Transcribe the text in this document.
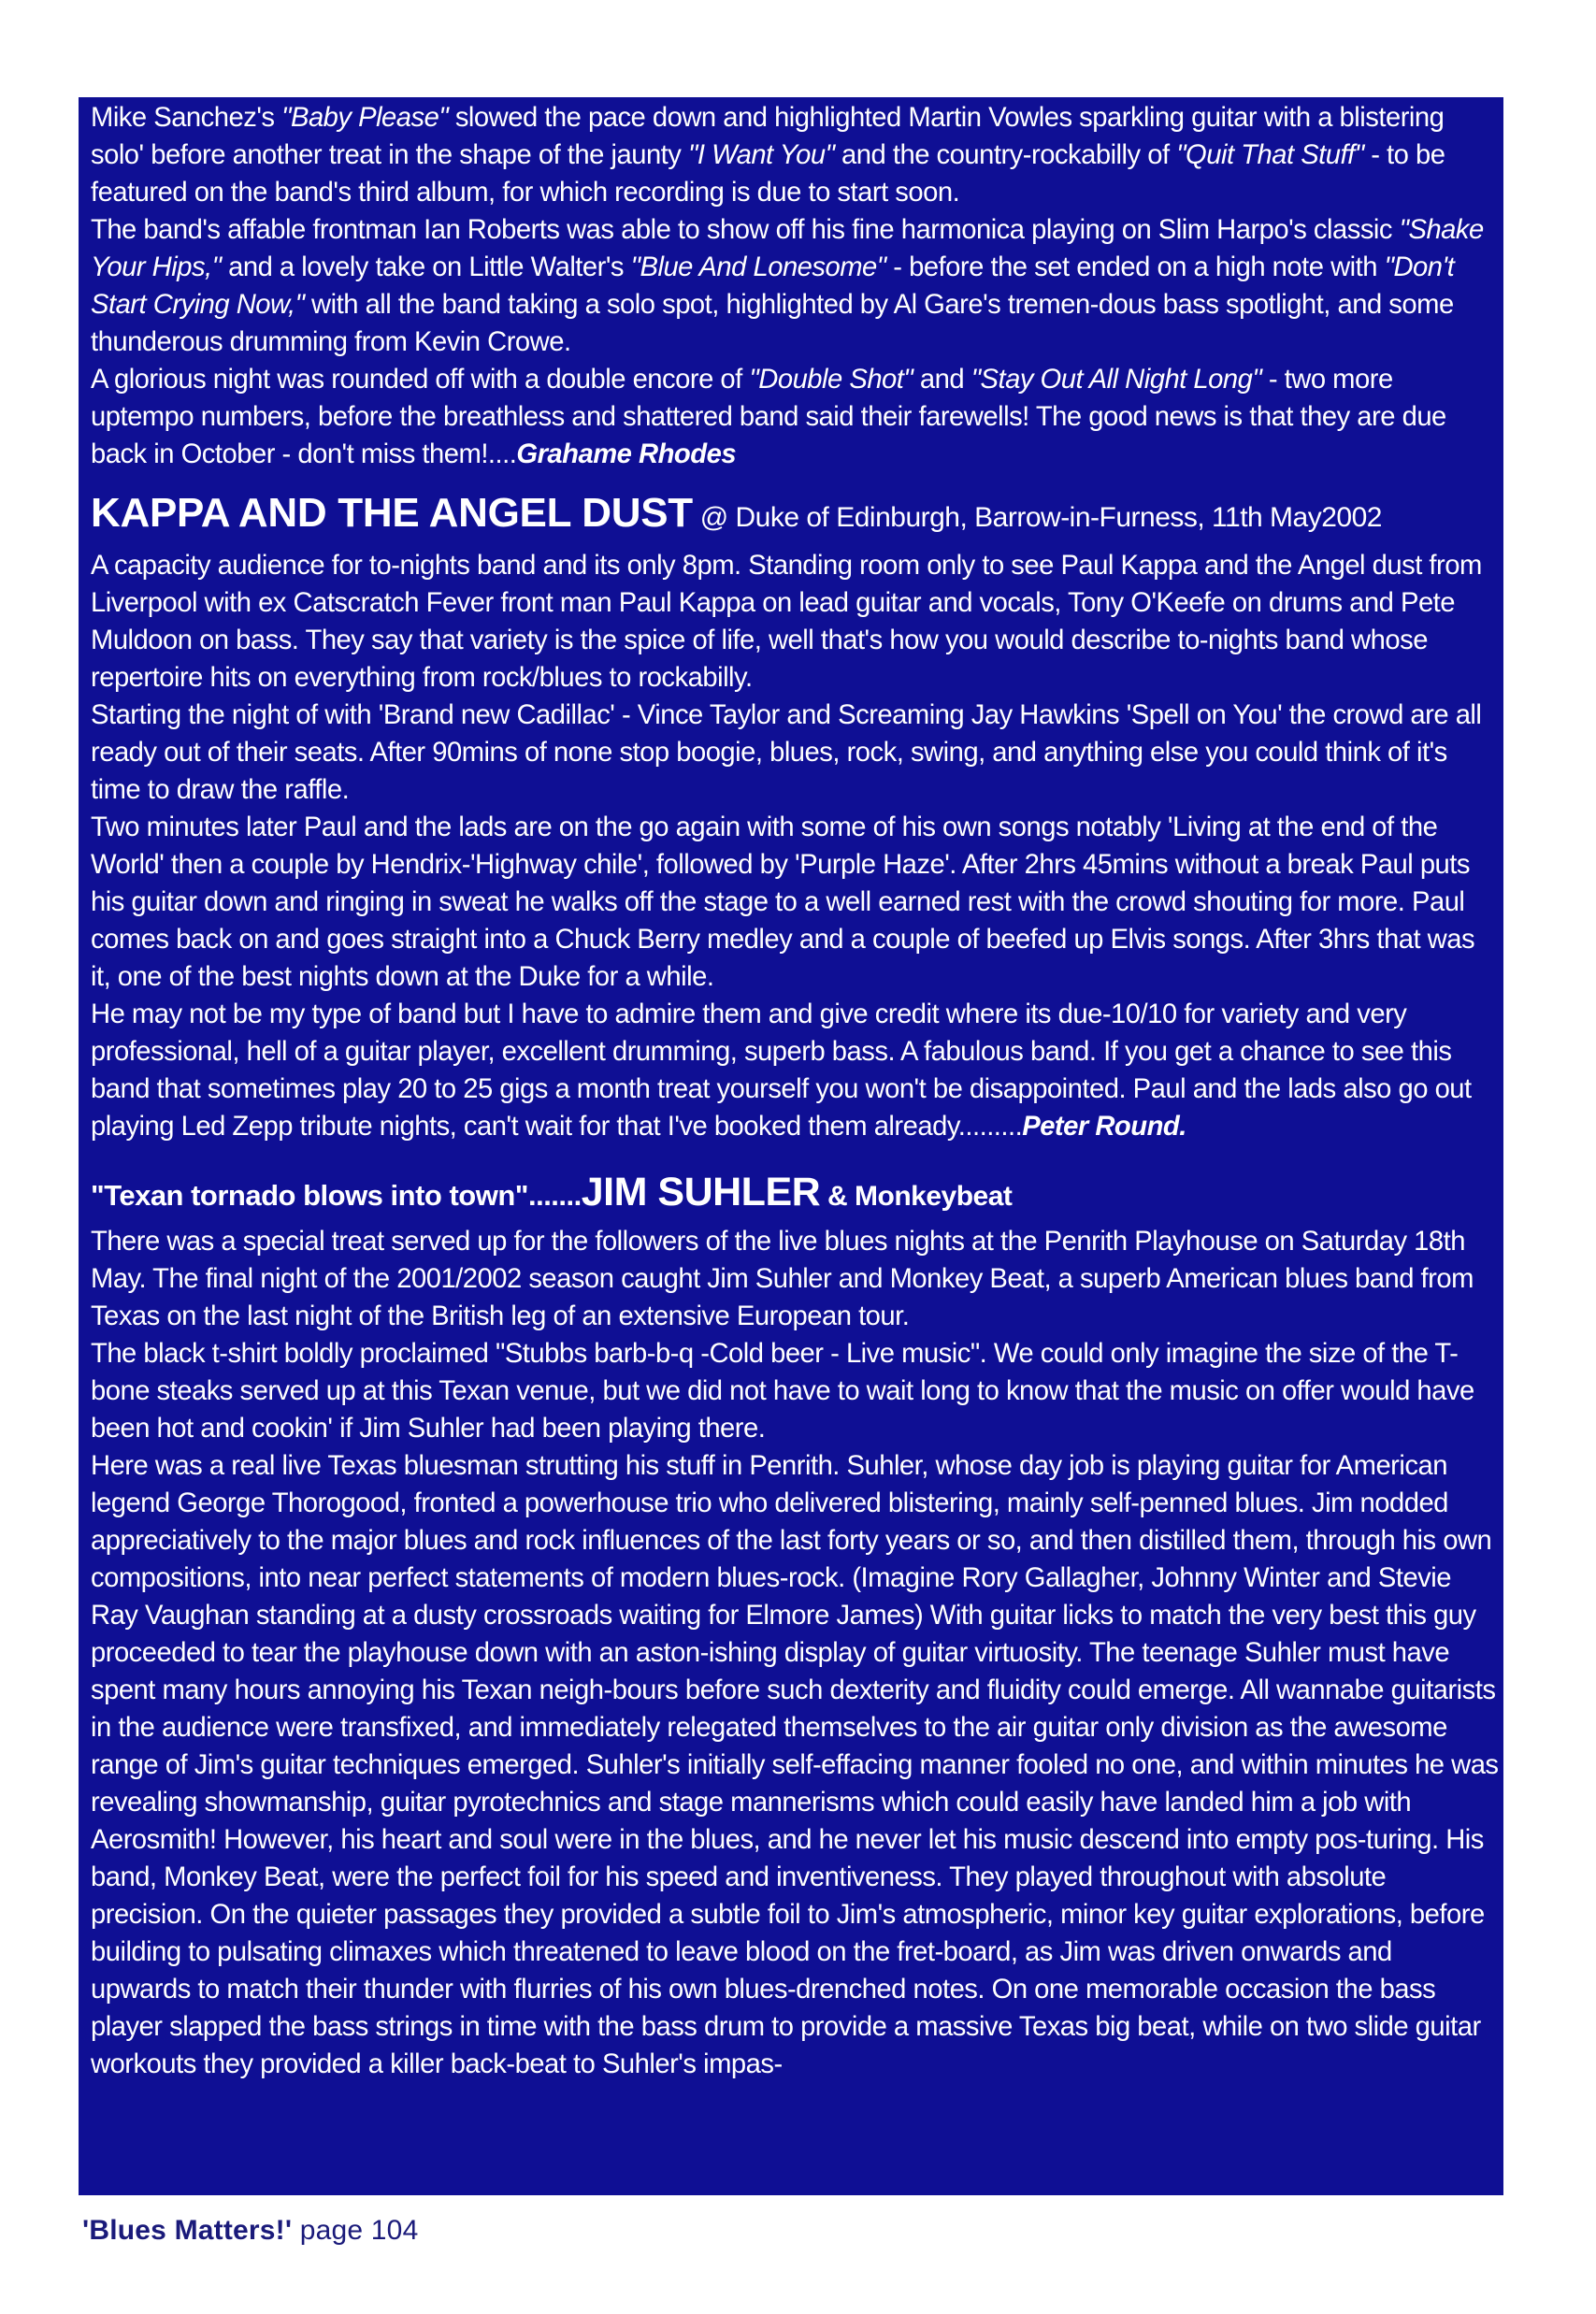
Mike Sanchez's "Baby Please" slowed the pace down and highlighted Martin Vowles sparkling guitar with a blistering solo' before another treat in the shape of the jaunty "I Want You" and the country-rockabilly of "Quit That Stuff" - to be featured on the band's third album, for which recording is due to start soon.

The band's affable frontman Ian Roberts was able to show off his fine harmonica playing on Slim Harpo's classic "Shake Your Hips," and a lovely take on Little Walter's "Blue And Lonesome" - before the set ended on a high note with "Don't Start Crying Now," with all the band taking a solo spot, highlighted by Al Gare's tremen-dous bass spotlight, and some thunderous drumming from Kevin Crowe.

A glorious night was rounded off with a double encore of "Double Shot" and "Stay Out All Night Long" - two more uptempo numbers, before the breathless and shattered band said their farewells! The good news is that they are due back in October - don't miss them!....Grahame Rhodes

KAPPA AND THE ANGEL DUST @ Duke of Edinburgh, Barrow-in-Furness, 11th May2002

A capacity audience for to-nights band and its only 8pm. Standing room only to see Paul Kappa and the Angel dust from Liverpool with ex Catscratch Fever front man Paul Kappa on lead guitar and vocals, Tony O'Keefe on drums and Pete Muldoon on bass. They say that variety is the spice of life, well that's how you would describe to-nights band whose repertoire hits on everything from rock/blues to rockabilly.

Starting the night of with 'Brand new Cadillac' - Vince Taylor and Screaming Jay Hawkins 'Spell on You' the crowd are all ready out of their seats. After 90mins of none stop boogie, blues, rock, swing, and anything else you could think of it's time to draw the raffle.

Two minutes later Paul and the lads are on the go again with some of his own songs notably 'Living at the end of the World' then a couple by Hendrix-'Highway chile', followed by 'Purple Haze'. After 2hrs 45mins without a break Paul puts his guitar down and ringing in sweat he walks off the stage to a well earned rest with the crowd shouting for more. Paul comes back on and goes straight into a Chuck Berry medley and a couple of beefed up Elvis songs. After 3hrs that was it, one of the best nights down at the Duke for a while.

He may not be my type of band but I have to admire them and give credit where its due-10/10 for variety and very professional, hell of a guitar player, excellent drumming, superb bass. A fabulous band. If you get a chance to see this band that sometimes play 20 to 25 gigs a month treat yourself you won't be disappointed. Paul and the lads also go out playing Led Zepp tribute nights, can't wait for that I've booked them already.........Peter Round.

"Texan tornado blows into town".......JIM SUHLER & Monkeybeat

There was a special treat served up for the followers of the live blues nights at the Penrith Playhouse on Saturday 18th May. The final night of the 2001/2002 season caught Jim Suhler and Monkey Beat, a superb American blues band from Texas on the last night of the British leg of an extensive European tour.

The black t-shirt boldly proclaimed "Stubbs barb-b-q -Cold beer - Live music". We could only imagine the size of the T-bone steaks served up at this Texan venue, but we did not have to wait long to know that the music on offer would have been hot and cookin' if Jim Suhler had been playing there.

Here was a real live Texas bluesman strutting his stuff in Penrith. Suhler, whose day job is playing guitar for American legend George Thorogood, fronted a powerhouse trio who delivered blistering, mainly self-penned blues. Jim nodded appreciatively to the major blues and rock influences of the last forty years or so, and then distilled them, through his own compositions, into near perfect statements of modern blues-rock. (Imagine Rory Gallagher, Johnny Winter and Stevie Ray Vaughan standing at a dusty crossroads waiting for Elmore James) With guitar licks to match the very best this guy proceeded to tear the playhouse down with an aston-ishing display of guitar virtuosity. The teenage Suhler must have spent many hours annoying his Texan neigh-bours before such dexterity and fluidity could emerge. All wannabe guitarists in the audience were transfixed, and immediately relegated themselves to the air guitar only division as the awesome range of Jim's guitar techniques emerged. Suhler's initially self-effacing manner fooled no one, and within minutes he was revealing showmanship, guitar pyrotechnics and stage mannerisms which could easily have landed him a job with Aerosmith! However, his heart and soul were in the blues, and he never let his music descend into empty pos-turing. His band, Monkey Beat, were the perfect foil for his speed and inventiveness. They played throughout with absolute precision. On the quieter passages they provided a subtle foil to Jim's atmospheric, minor key guitar explorations, before building to pulsating climaxes which threatened to leave blood on the fret-board, as Jim was driven onwards and upwards to match their thunder with flurries of his own blues-drenched notes. On one memorable occasion the bass player slapped the bass strings in time with the bass drum to provide a massive Texas big beat, while on two slide guitar workouts they provided a killer back-beat to Suhler's impas-

'Blues Matters!' page 104
